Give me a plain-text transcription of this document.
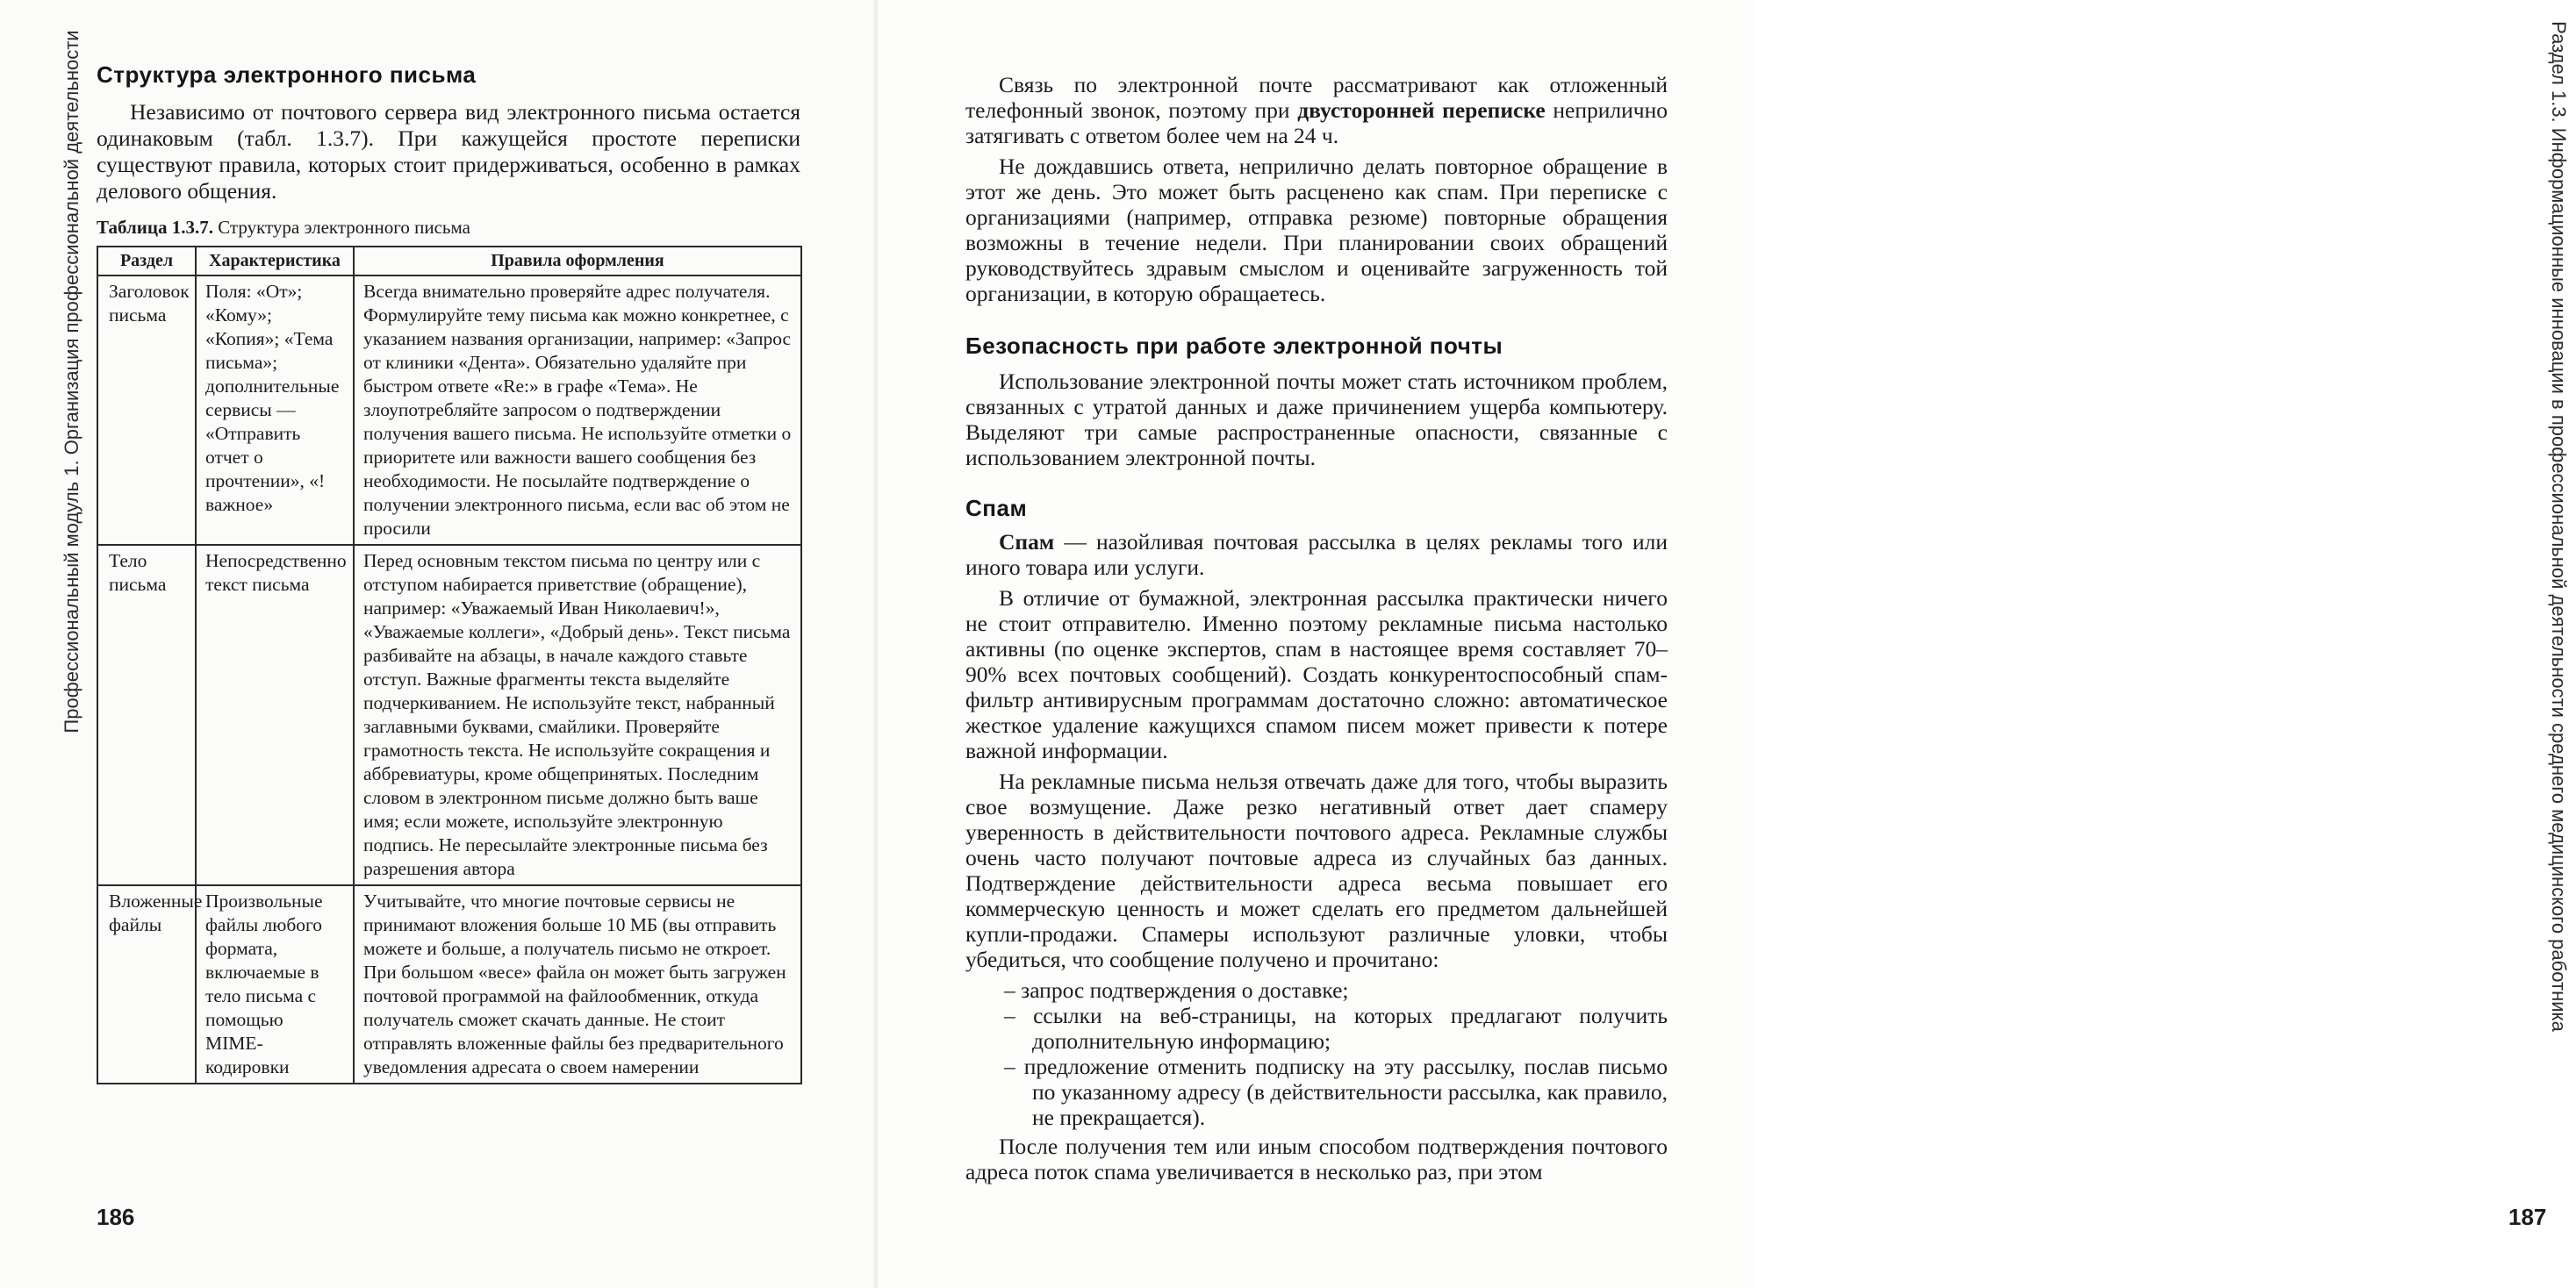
Профессиональный модуль 1. Организация профессиональной деятельности Структура электронного письма

Независимо от почтового сервера вид электронного письма остается одинаковым (табл. 1.3.7). При кажущейся простоте переписки существуют правила, которых стоит придерживаться, особенно в рамках делового общения.

Таблица 1.3.7. Структура электронного письма
Раздел	Характеристика	Правила оформления
Заголовок письма	Поля: «От»; «Кому»; «Копия»; «Тема письма»; дополнительные сервисы — «Отправить отчет о прочтении», «!важное»	Всегда внимательно проверяйте адрес получателя. Формулируйте тему письма как можно конкретнее, с указанием названия организации, например: «Запрос от клиники «Дента». Обязательно удаляйте при быстром ответе «Re:» в графе «Тема». Не злоупотребляйте запросом о подтверждении получения вашего письма. Не используйте отметки о приоритете или важности вашего сообщения без необходимости. Не посылайте подтверждение о получении электронного письма, если вас об этом не просили
Тело письма	Непосредственно текст письма	Перед основным текстом письма по центру или с отступом набирается приветствие (обращение), например: «Уважаемый Иван Николаевич!», «Уважаемые коллеги», «Добрый день». Текст письма разбивайте на абзацы, в начале каждого ставьте отступ. Важные фрагменты текста выделяйте подчеркиванием. Не используйте текст, набранный заглавными буквами, смайлики. Проверяйте грамотность текста. Не используйте сокращения и аббревиатуры, кроме общепринятых. Последним словом в электронном письме должно быть ваше имя; если можете, используйте электронную подпись. Не пересылайте электронные письма без разрешения автора
Вложенные файлы	Произвольные файлы любого формата, включаемые в тело письма с помощью MIME-кодировки	Учитывайте, что многие почтовые сервисы не принимают вложения больше 10 МБ (вы отправить можете и больше, а получатель письмо не откроет. При большом «весе» файла он может быть загружен почтовой программой на файлообменник, откуда получатель сможет скачать данные. Не стоит отправлять вложенные файлы без предварительного уведомления адресата о своем намерении
186
Раздел 1.3. Информационные инновации в профессиональной деятельности среднего медицинского работника
187

Связь по электронной почте рассматривают как отложенный телефонный звонок, поэтому при двусторонней переписке неприлично затягивать с ответом более чем на 24 ч.

Не дождавшись ответа, неприлично делать повторное обращение в этот же день. Это может быть расценено как спам. При переписке с организациями (например, отправка резюме) повторные обращения возможны в течение недели. При планировании своих обращений руководствуйтесь здравым смыслом и оценивайте загруженность той организации, в которую обращаетесь.

Безопасность при работе электронной почты

Использование электронной почты может стать источником проблем, связанных с утратой данных и даже причинением ущерба компьютеру. Выделяют три самые распространенные опасности, связанные с использованием электронной почты.

Спам

Спам — назойливая почтовая рассылка в целях рекламы того или иного товара или услуги.

В отличие от бумажной, электронная рассылка практически ничего не стоит отправителю. Именно поэтому рекламные письма настолько активны (по оценке экспертов, спам в настоящее время составляет 70–90% всех почтовых сообщений). Создать конкурентоспособный спам-фильтр антивирусным программам достаточно сложно: автоматическое жесткое удаление кажущихся спамом писем может привести к потере важной информации.

На рекламные письма нельзя отвечать даже для того, чтобы выразить свое возмущение. Даже резко негативный ответ дает спамеру уверенность в действительности почтового адреса. Рекламные службы очень часто получают почтовые адреса из случайных баз данных. Подтверждение действительности адреса весьма повышает его коммерческую ценность и может сделать его предметом дальнейшей купли-продажи. Спамеры используют различные уловки, чтобы убедиться, что сообщение получено и прочитано:

– запрос подтверждения о доставке;
– ссылки на веб-страницы, на которых предлагают получить дополнительную информацию;
– предложение отменить подписку на эту рассылку, послав письмо по указанному адресу (в действительности рассылка, как правило, не прекращается).

После получения тем или иным способом подтверждения почтового адреса поток спама увеличивается в несколько раз, при этом
